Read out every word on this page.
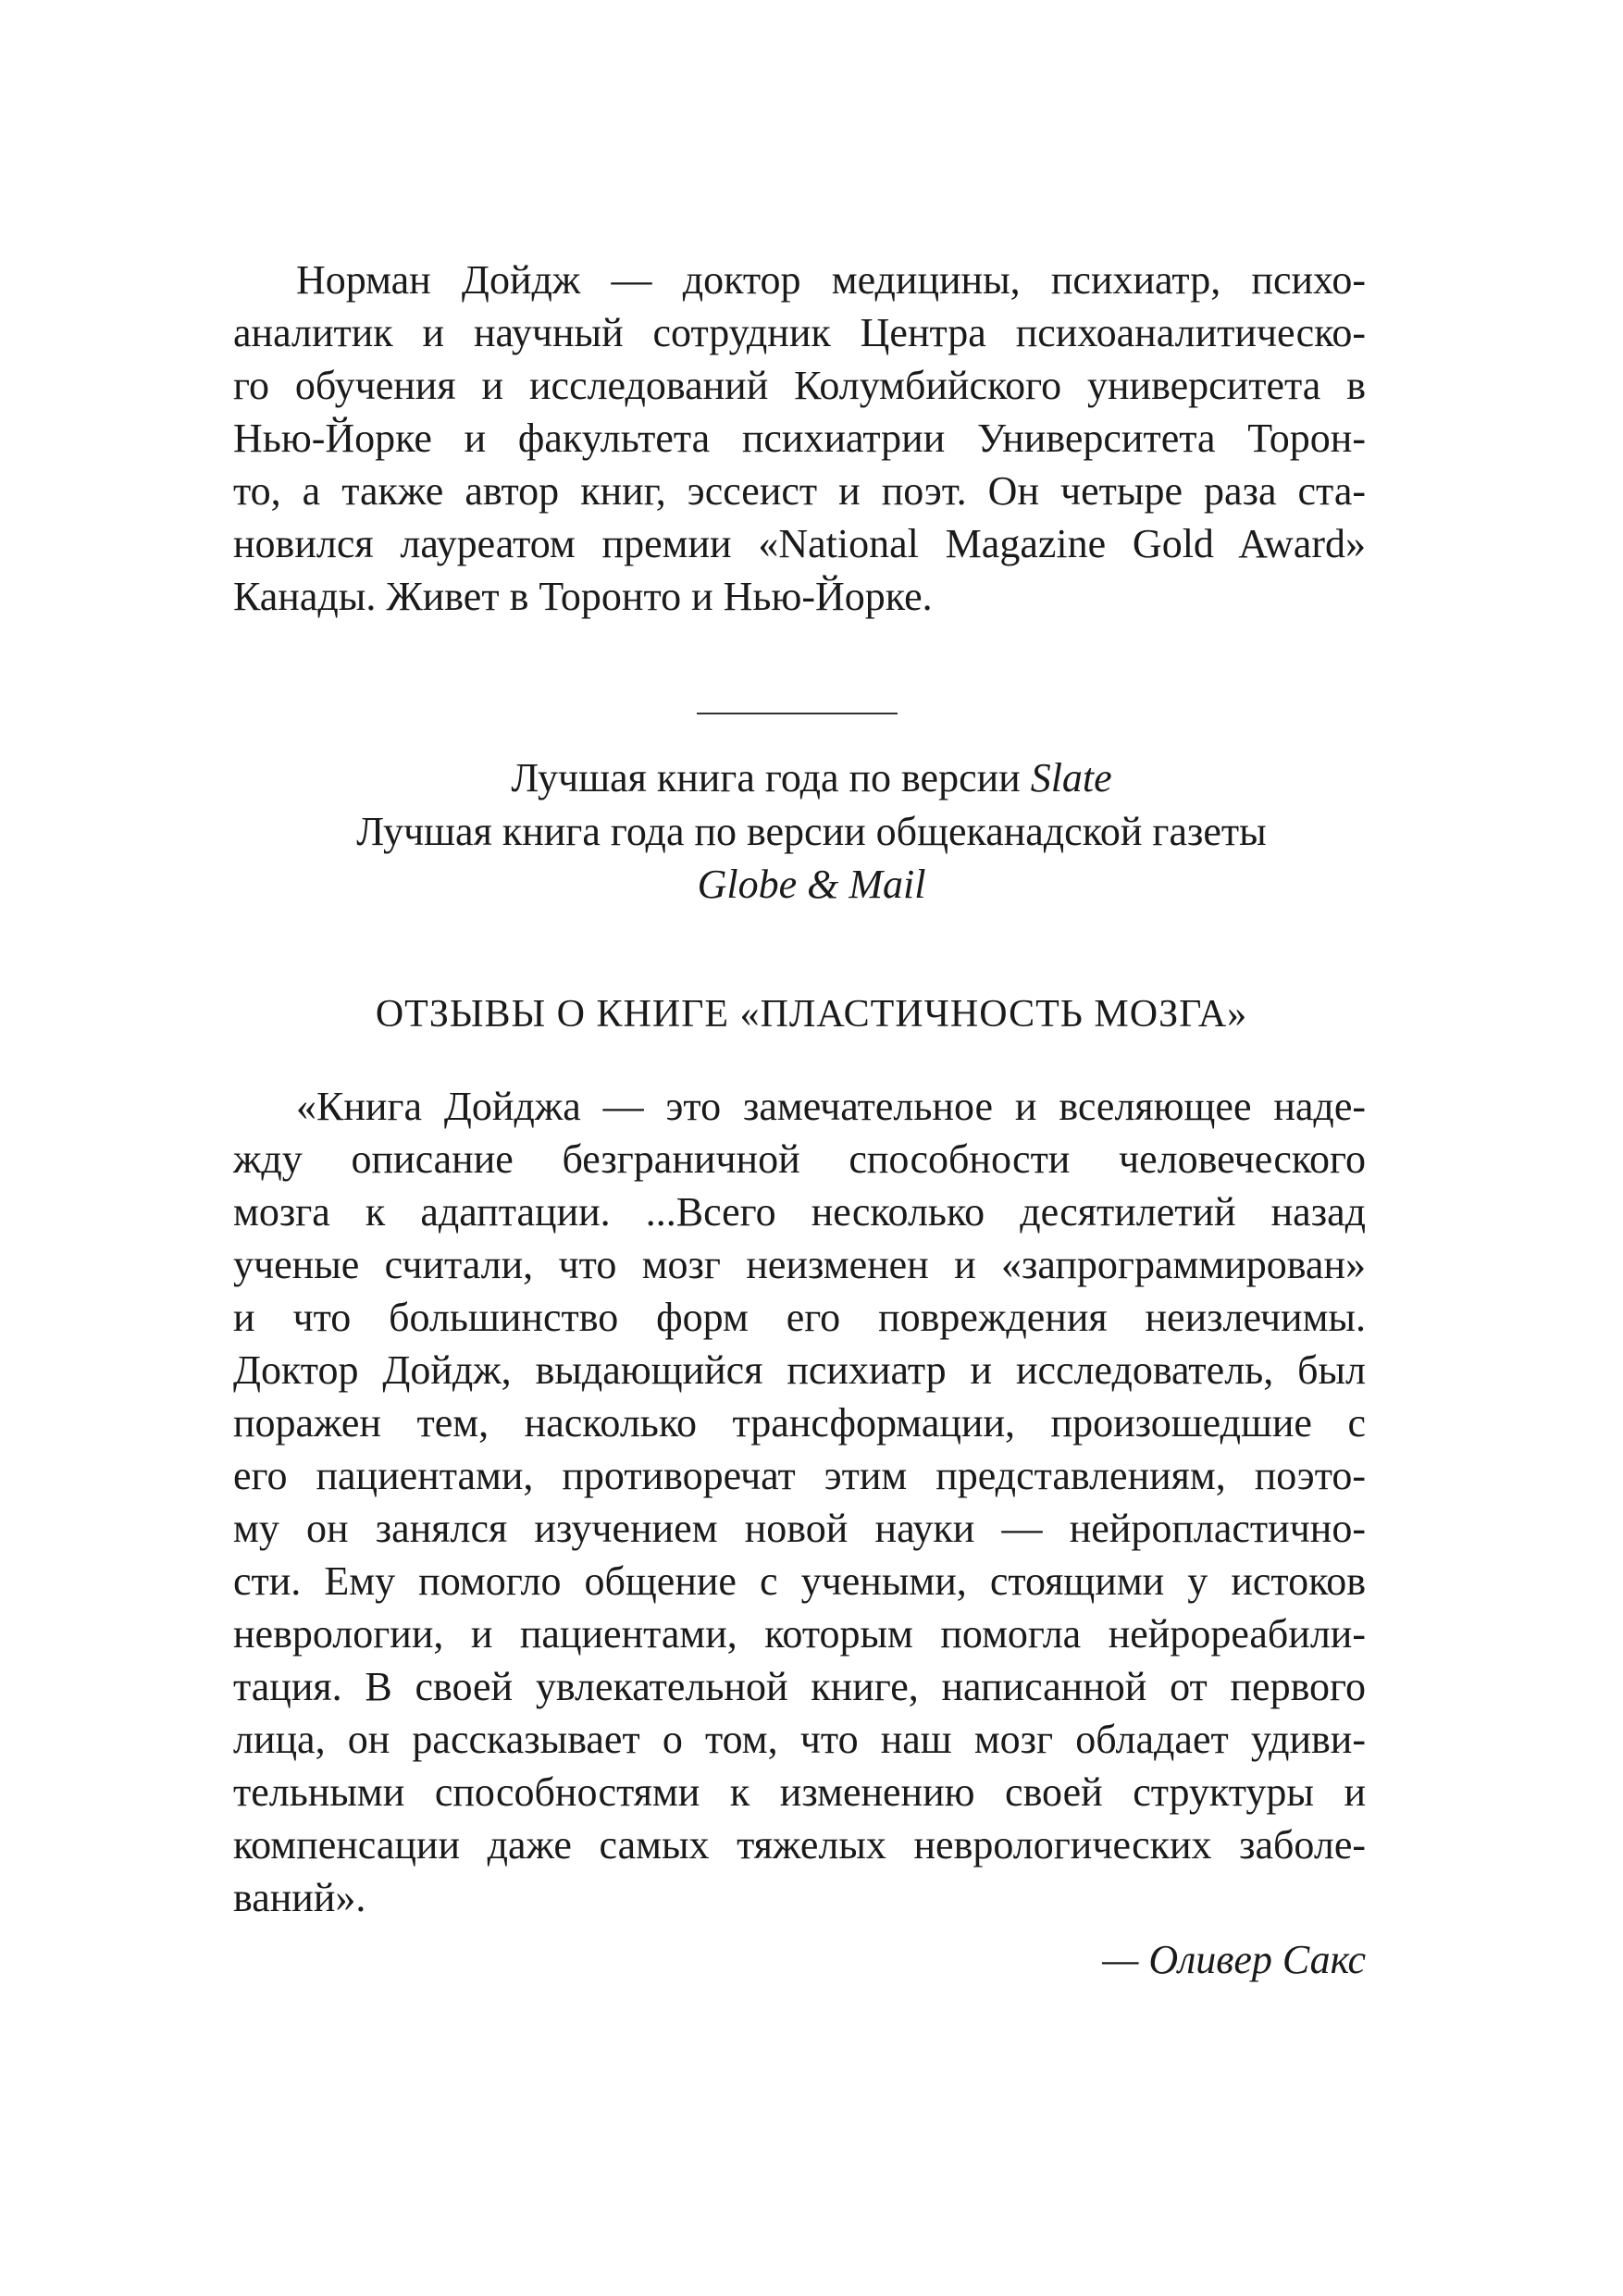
Норман Дойдж — доктор медицины, психиатр, психо-
аналитик и научный сотрудник Центра психоаналитическо-
го обучения и исследований Колумбийского университета в
Нью-Йорке и факультета психиатрии Университета Торон-
то, а также автор книг, эссеист и поэт. Он четыре раза ста-
новился лауреатом премии «National Magazine Gold Award»
Канады. Живет в Торонто и Нью-Йорке.
Лучшая книга года по версии Slate
Лучшая книга года по версии общеканадской газеты
Globe & Mail
ОТЗЫВЫ О КНИГЕ «ПЛАСТИЧНОСТЬ МОЗГА»
«Книга Дойджа — это замечательное и вселяющее наде-
жду описание безграничной способности человеческого
мозга к адаптации. ...Всего несколько десятилетий назад
ученые считали, что мозг неизменен и «запрограммирован»
и что большинство форм его повреждения неизлечимы.
Доктор Дойдж, выдающийся психиатр и исследователь, был
поражен тем, насколько трансформации, произошедшие с
его пациентами, противоречат этим представлениям, поэто-
му он занялся изучением новой науки — нейропластично-
сти. Ему помогло общение с учеными, стоящими у истоков
неврологии, и пациентами, которым помогла нейрореабили-
тация. В своей увлекательной книге, написанной от первого
лица, он рассказывает о том, что наш мозг обладает удиви-
тельными способностями к изменению своей структуры и
компенсации даже самых тяжелых неврологических заболе-
ваний».
— Оливер Сакс
